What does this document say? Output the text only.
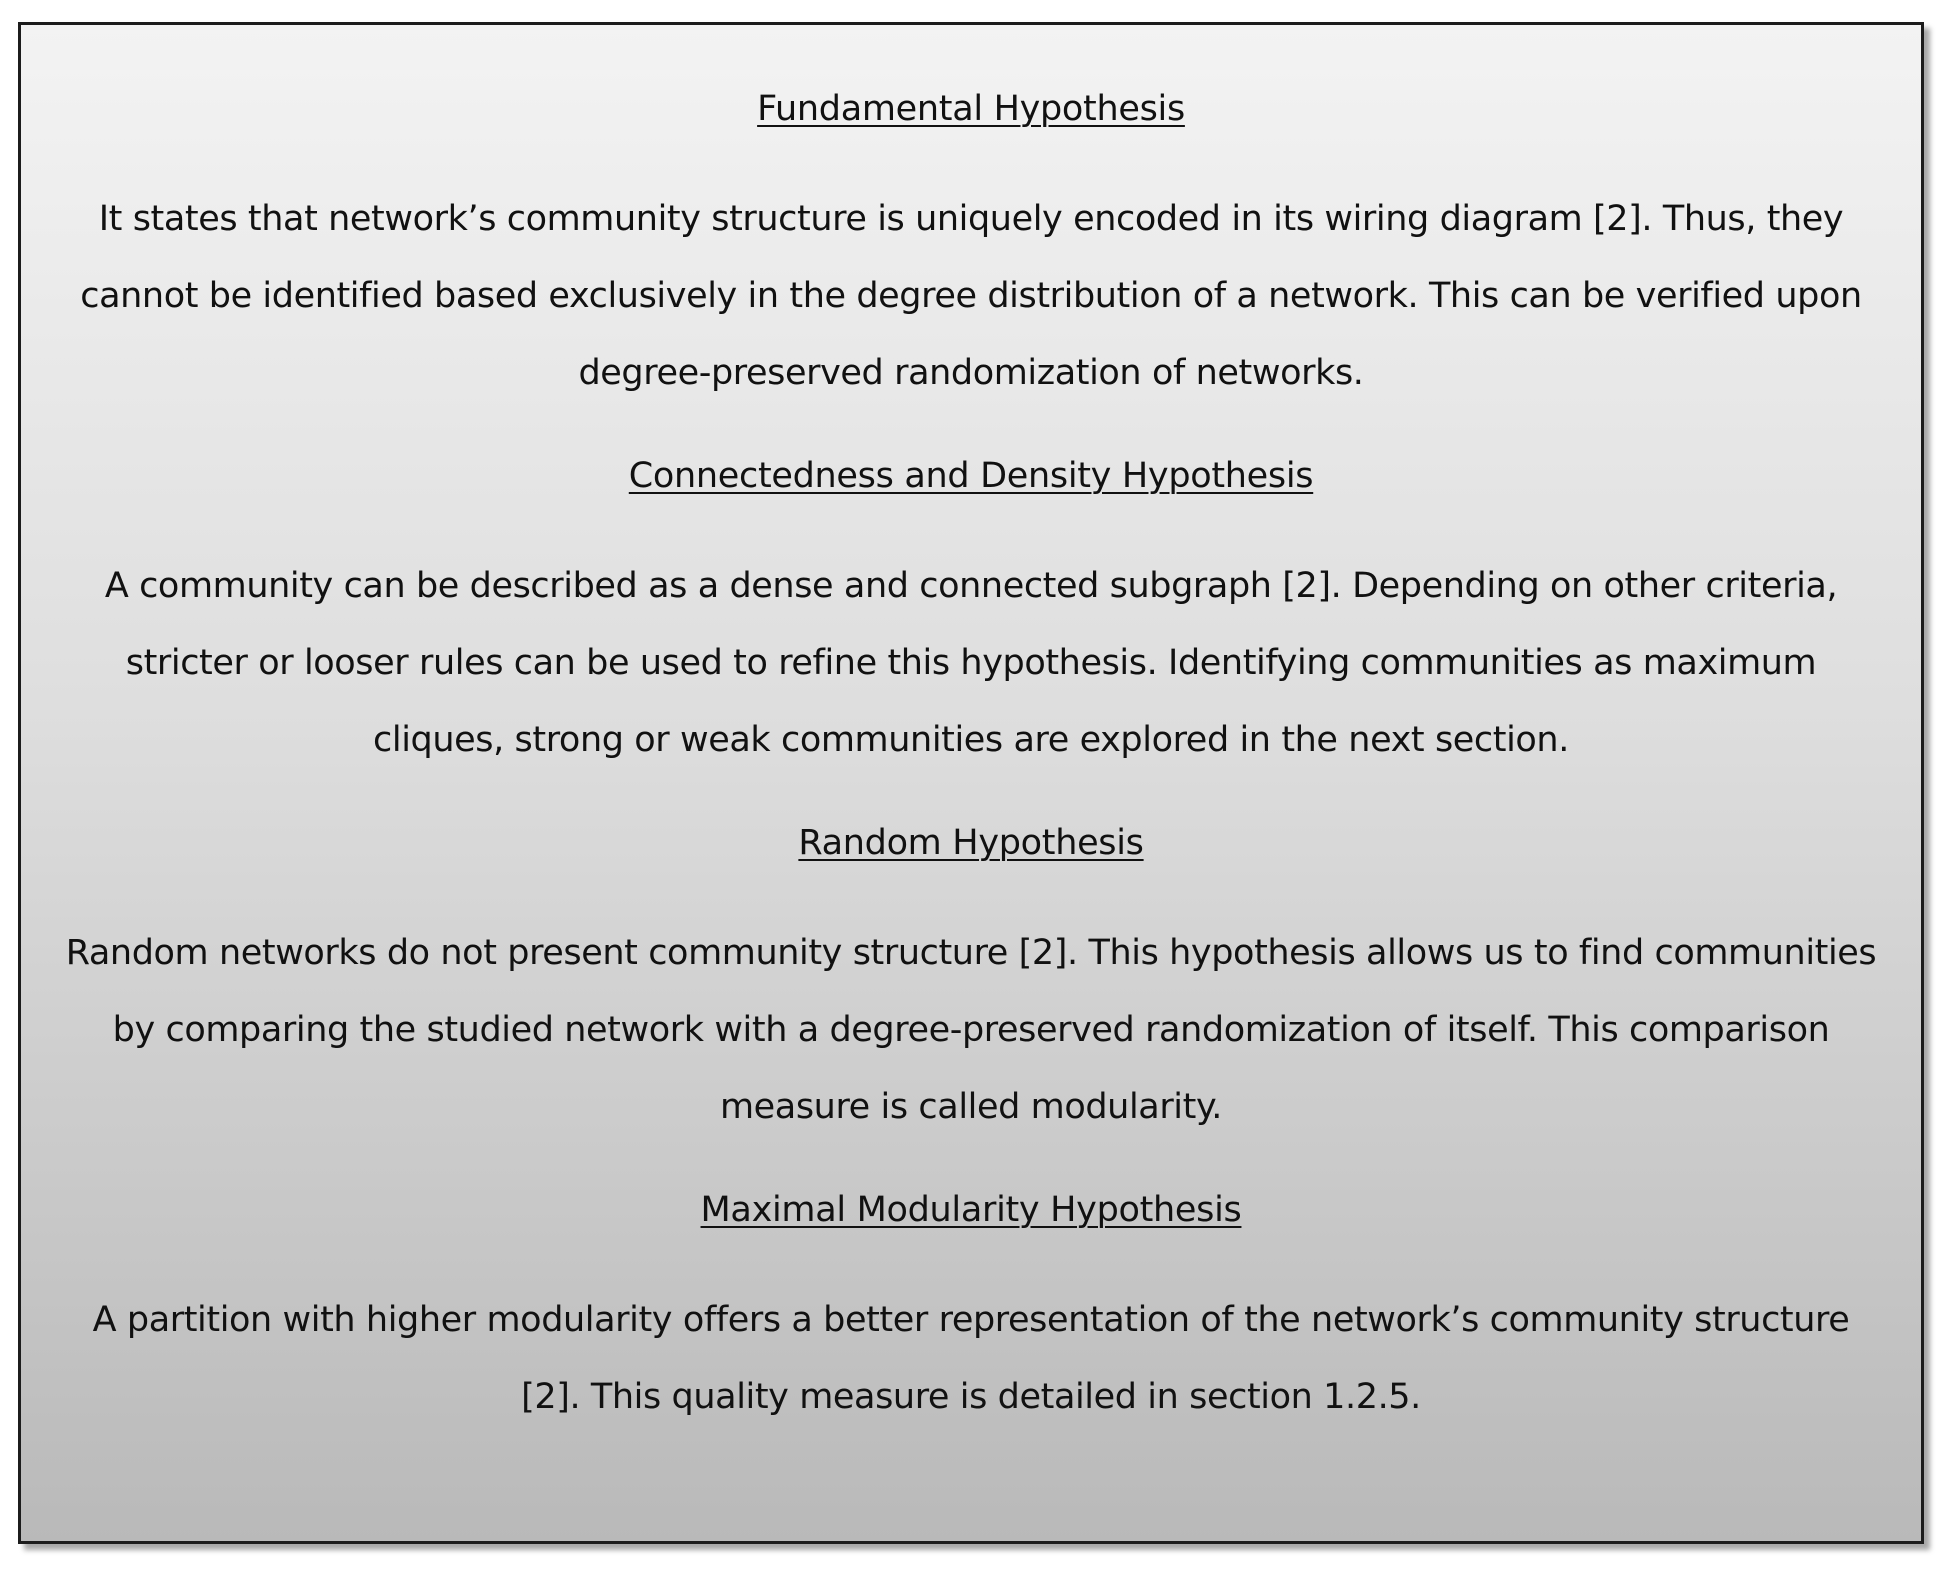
Fundamental Hypothesis
It states that network’s community structure is uniquely encoded in its wiring diagram [2]. Thus, they cannot be identified based exclusively in the degree distribution of a network. This can be verified upon degree-preserved randomization of networks.
Connectedness and Density Hypothesis
A community can be described as a dense and connected subgraph [2]. Depending on other criteria, stricter or looser rules can be used to refine this hypothesis. Identifying communities as maximum cliques, strong or weak communities are explored in the next section.
Random Hypothesis
Random networks do not present community structure [2]. This hypothesis allows us to find communities by comparing the studied network with a degree-preserved randomization of itself. This comparison measure is called modularity.
Maximal Modularity Hypothesis
A partition with higher modularity offers a better representation of the network’s community structure [2]. This quality measure is detailed in section 1.2.5.
